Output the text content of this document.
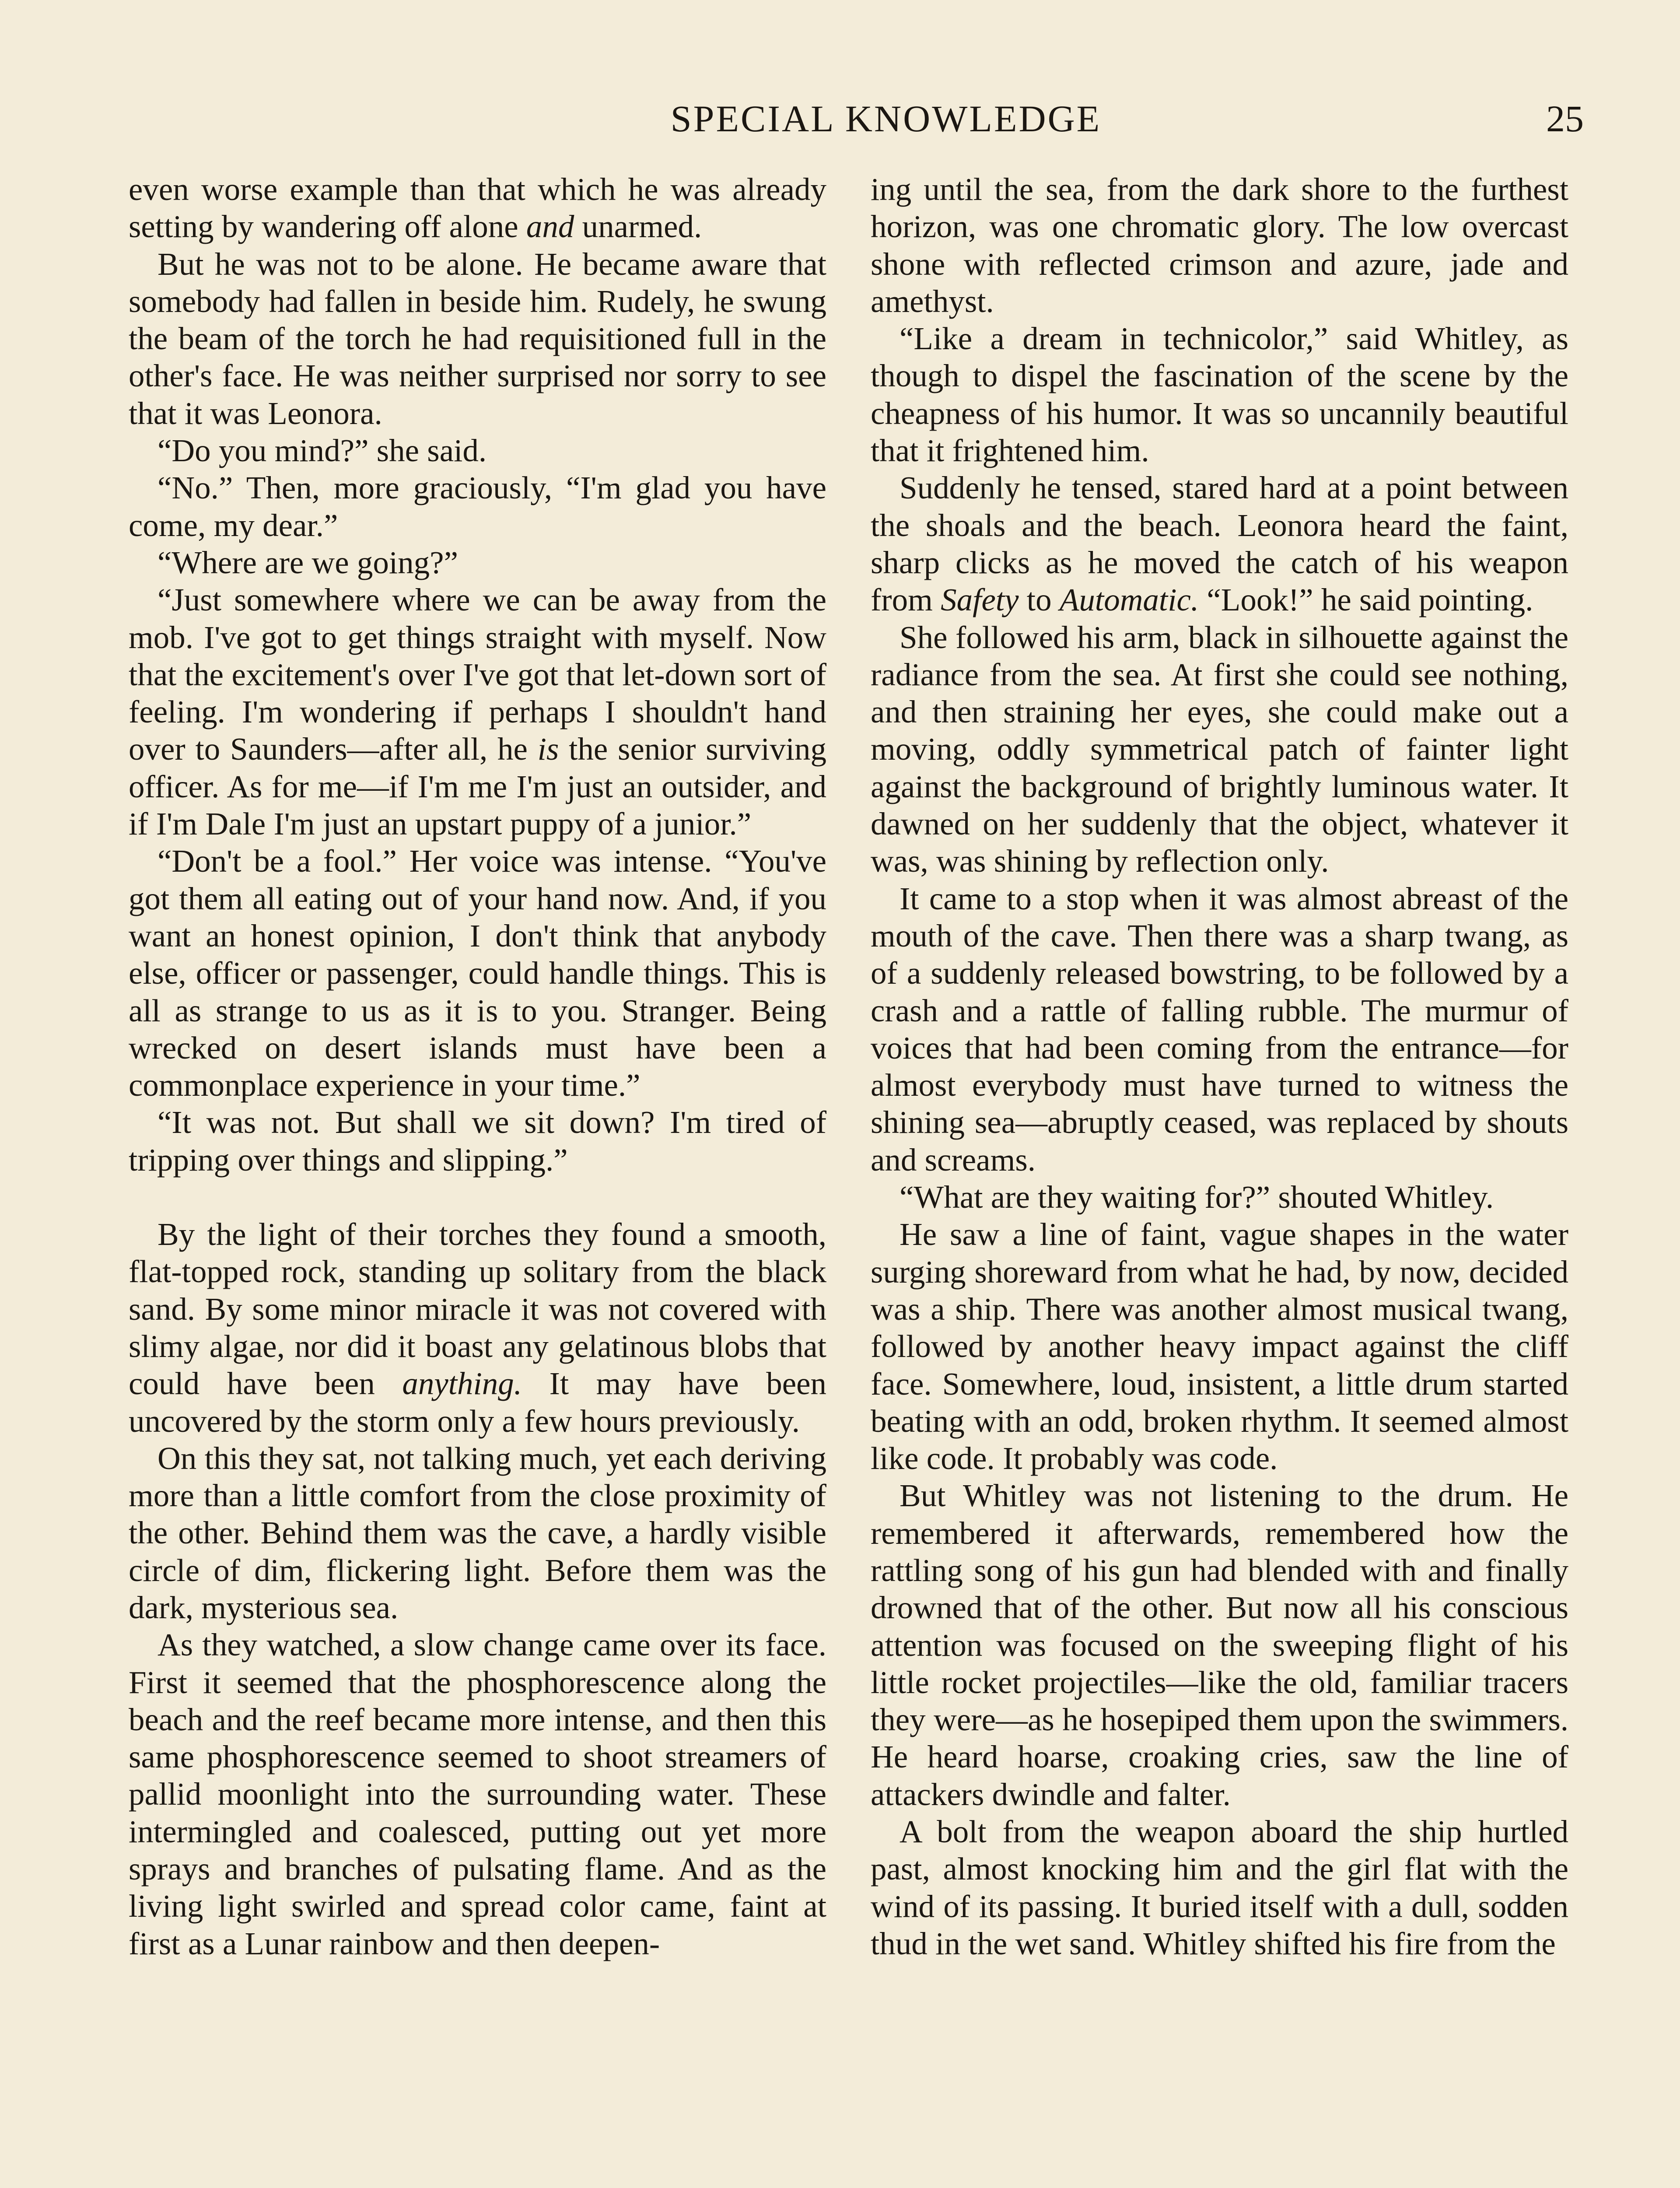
SPECIAL KNOWLEDGE	25

even worse example than that which he was already setting by wandering off alone and unarmed.

But he was not to be alone. He became aware that somebody had fallen in beside him. Rudely, he swung the beam of the torch he had requisitioned full in the other's face. He was neither surprised nor sorry to see that it was Leonora.

“Do you mind?” she said.

“No.” Then, more graciously, “I'm glad you have come, my dear.”

“Where are we going?”

“Just somewhere where we can be away from the mob. I've got to get things straight with myself. Now that the excitement's over I've got that let-down sort of feeling. I'm wondering if perhaps I shouldn't hand over to Saunders—after all, he is the senior surviving officer. As for me—if I'm me I'm just an outsider, and if I'm Dale I'm just an upstart puppy of a junior.”

“Don't be a fool.” Her voice was intense. “You've got them all eating out of your hand now. And, if you want an honest opinion, I don't think that anybody else, officer or passenger, could handle things. This is all as strange to us as it is to you. Stranger. Being wrecked on desert islands must have been a commonplace experience in your time.”

“It was not. But shall we sit down? I'm tired of tripping over things and slipping.”

By the light of their torches they found a smooth, flat-topped rock, standing up solitary from the black sand. By some minor miracle it was not covered with slimy algae, nor did it boast any gelatinous blobs that could have been anything. It may have been uncovered by the storm only a few hours previously.

On this they sat, not talking much, yet each deriving more than a little comfort from the close proximity of the other. Behind them was the cave, a hardly visible circle of dim, flickering light. Before them was the dark, mysterious sea.

As they watched, a slow change came over its face. First it seemed that the phosphorescence along the beach and the reef became more intense, and then this same phosphorescence seemed to shoot streamers of pallid moonlight into the surrounding water. These intermingled and coalesced, putting out yet more sprays and branches of pulsating flame. And as the living light swirled and spread color came, faint at first as a Lunar rainbow and then deepen-

ing until the sea, from the dark shore to the furthest horizon, was one chromatic glory. The low overcast shone with reflected crimson and azure, jade and amethyst.

“Like a dream in technicolor,” said Whitley, as though to dispel the fascination of the scene by the cheapness of his humor. It was so uncannily beautiful that it frightened him.

Suddenly he tensed, stared hard at a point between the shoals and the beach. Leonora heard the faint, sharp clicks as he moved the catch of his weapon from Safety to Automatic. “Look!” he said pointing.

She followed his arm, black in silhouette against the radiance from the sea. At first she could see nothing, and then straining her eyes, she could make out a moving, oddly symmetrical patch of fainter light against the background of brightly luminous water. It dawned on her suddenly that the object, whatever it was, was shining by reflection only.

It came to a stop when it was almost abreast of the mouth of the cave. Then there was a sharp twang, as of a suddenly released bowstring, to be followed by a crash and a rattle of falling rubble. The murmur of voices that had been coming from the entrance—for almost everybody must have turned to witness the shining sea—abruptly ceased, was replaced by shouts and screams.

“What are they waiting for?” shouted Whitley.

He saw a line of faint, vague shapes in the water surging shoreward from what he had, by now, decided was a ship. There was another almost musical twang, followed by another heavy impact against the cliff face. Somewhere, loud, insistent, a little drum started beating with an odd, broken rhythm. It seemed almost like code. It probably was code.

But Whitley was not listening to the drum. He remembered it afterwards, remembered how the rattling song of his gun had blended with and finally drowned that of the other. But now all his conscious attention was focused on the sweeping flight of his little rocket projectiles—like the old, familiar tracers they were—as he hosepiped them upon the swimmers. He heard hoarse, croaking cries, saw the line of attackers dwindle and falter.

A bolt from the weapon aboard the ship hurtled past, almost knocking him and the girl flat with the wind of its passing. It buried itself with a dull, sodden thud in the wet sand. Whitley shifted his fire from the
